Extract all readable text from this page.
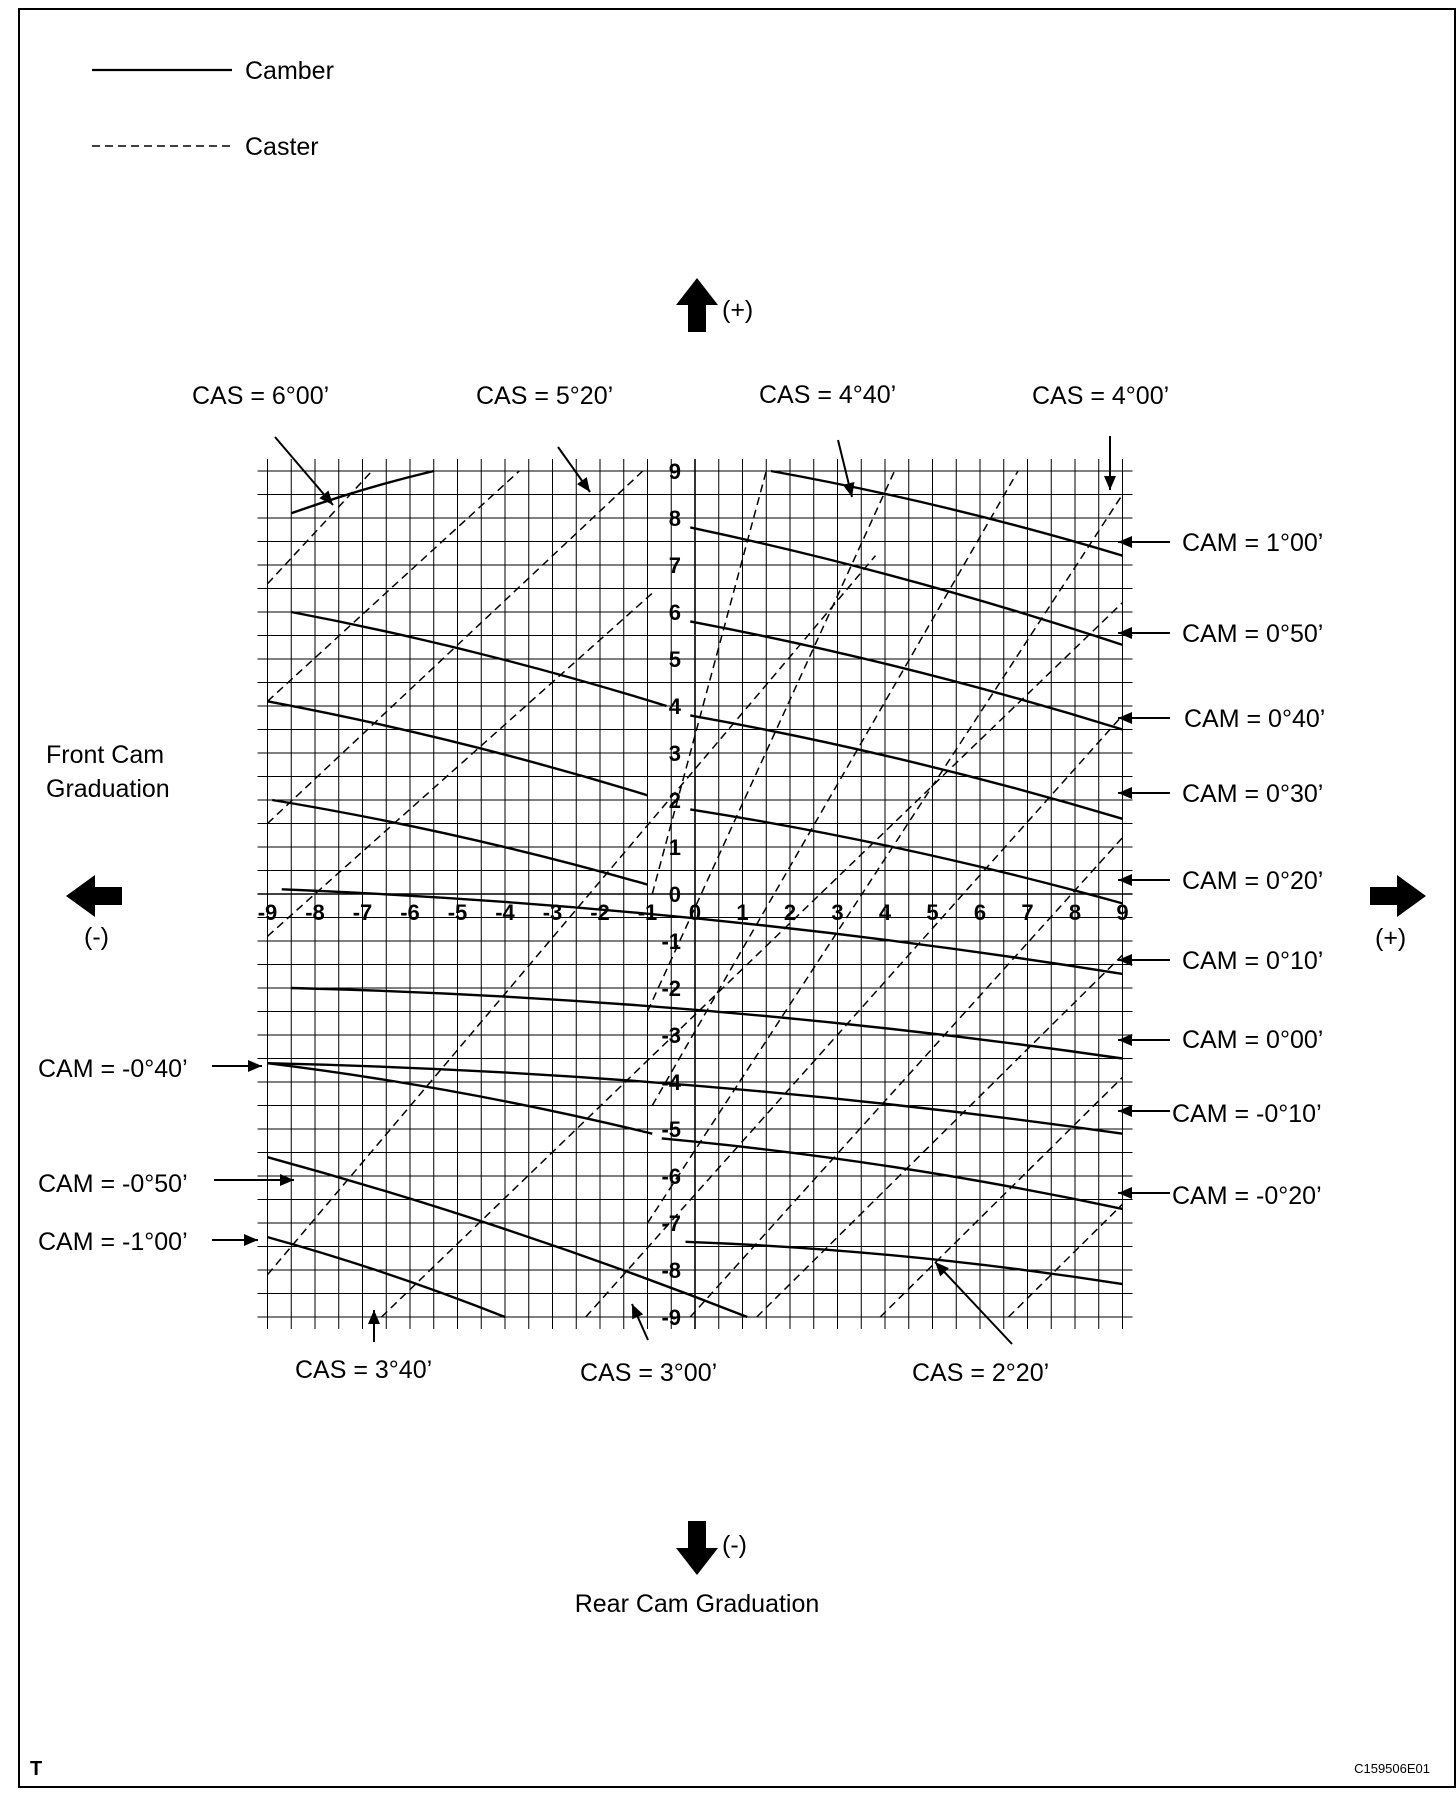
Camber
Caster
(+)
(-)
Rear Cam Graduation
(-)
Front Cam
Graduation
(+)
-9 -8 -7 -6 -5 -4 -3 -2 -1 0 1 2 3 4 5 6 7 8 9
9
8
7
6
5
4
3
2
1
-1
-2
-3
-4
-5
-6
-7
-8
-9
0
CAS = 6°00’	CAS = 5°20’	CAS = 4°40’	CAS = 4°00’
CAS = 3°40’	CAS = 3°00’	CAS = 2°20’
CAM = 1°00’
CAM = 0°50’
CAM = 0°40’
CAM = 0°30’
CAM = 0°20’
CAM = 0°10’
CAM = 0°00’
CAM = -0°10’
CAM = -0°20’
CAM = -0°40’
CAM = -0°50’
CAM = -1°00’
T	C159506E01
